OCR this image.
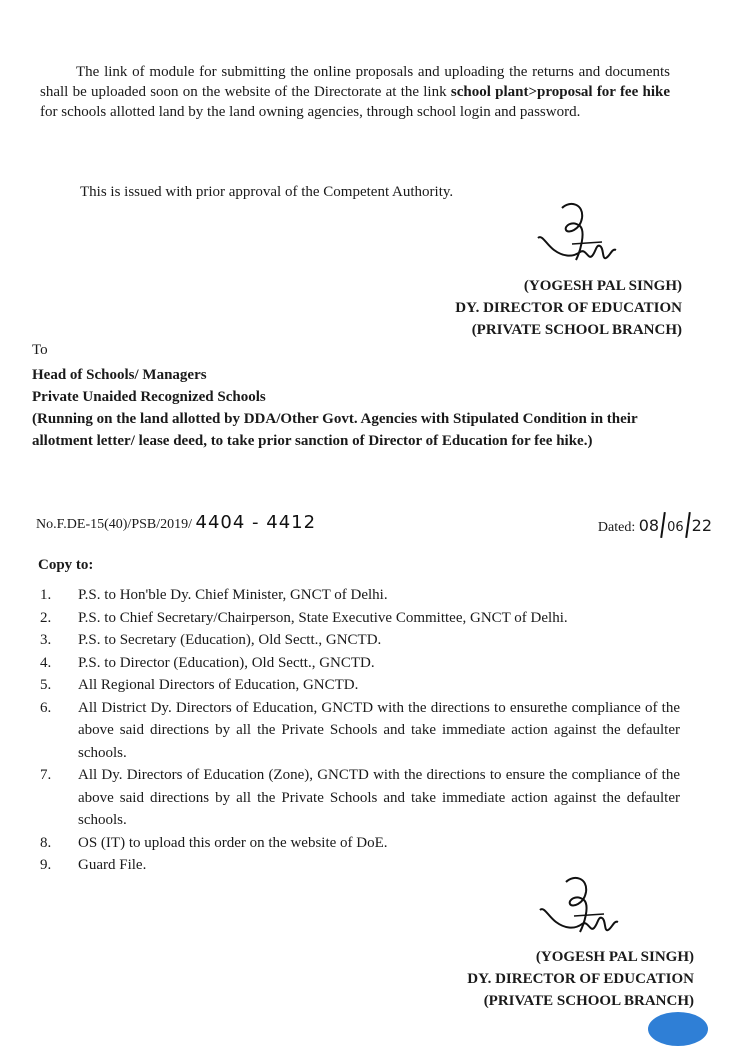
The link of module for submitting the online proposals and uploading the returns and documents shall be uploaded soon on the website of the Directorate at the link school plant>proposal for fee hike for schools allotted land by the land owning agencies, through school login and password.
This is issued with prior approval of the Competent Authority.
(YOGESH PAL SINGH)
DY. DIRECTOR OF EDUCATION
(PRIVATE SCHOOL BRANCH)
To
Head of Schools/ Managers
Private Unaided Recognized Schools
(Running on the land allotted by DDA/Other Govt. Agencies with Stipulated Condition in their allotment letter/ lease deed, to take prior sanction of Director of Education for fee hike.)
No.F.DE-15(40)/PSB/2019/ 4404 - 4412	Dated: 08 06 22
Copy to:
1. P.S. to Hon'ble Dy. Chief Minister, GNCT of Delhi.
2. P.S. to Chief Secretary/Chairperson, State Executive Committee, GNCT of Delhi.
3. P.S. to Secretary (Education), Old Sectt., GNCTD.
4. P.S. to Director (Education), Old Sectt., GNCTD.
5. All Regional Directors of Education, GNCTD.
6. All District Dy. Directors of Education, GNCTD with the directions to ensurethe compliance of the above said directions by all the Private Schools and take immediate action against the defaulter schools.
7. All Dy. Directors of Education (Zone), GNCTD with the directions to ensure the compliance of the above said directions by all the Private Schools and take immediate action against the defaulter schools.
8. OS (IT) to upload this order on the website of DoE.
9. Guard File.
(YOGESH PAL SINGH)
DY. DIRECTOR OF EDUCATION
(PRIVATE SCHOOL BRANCH)
